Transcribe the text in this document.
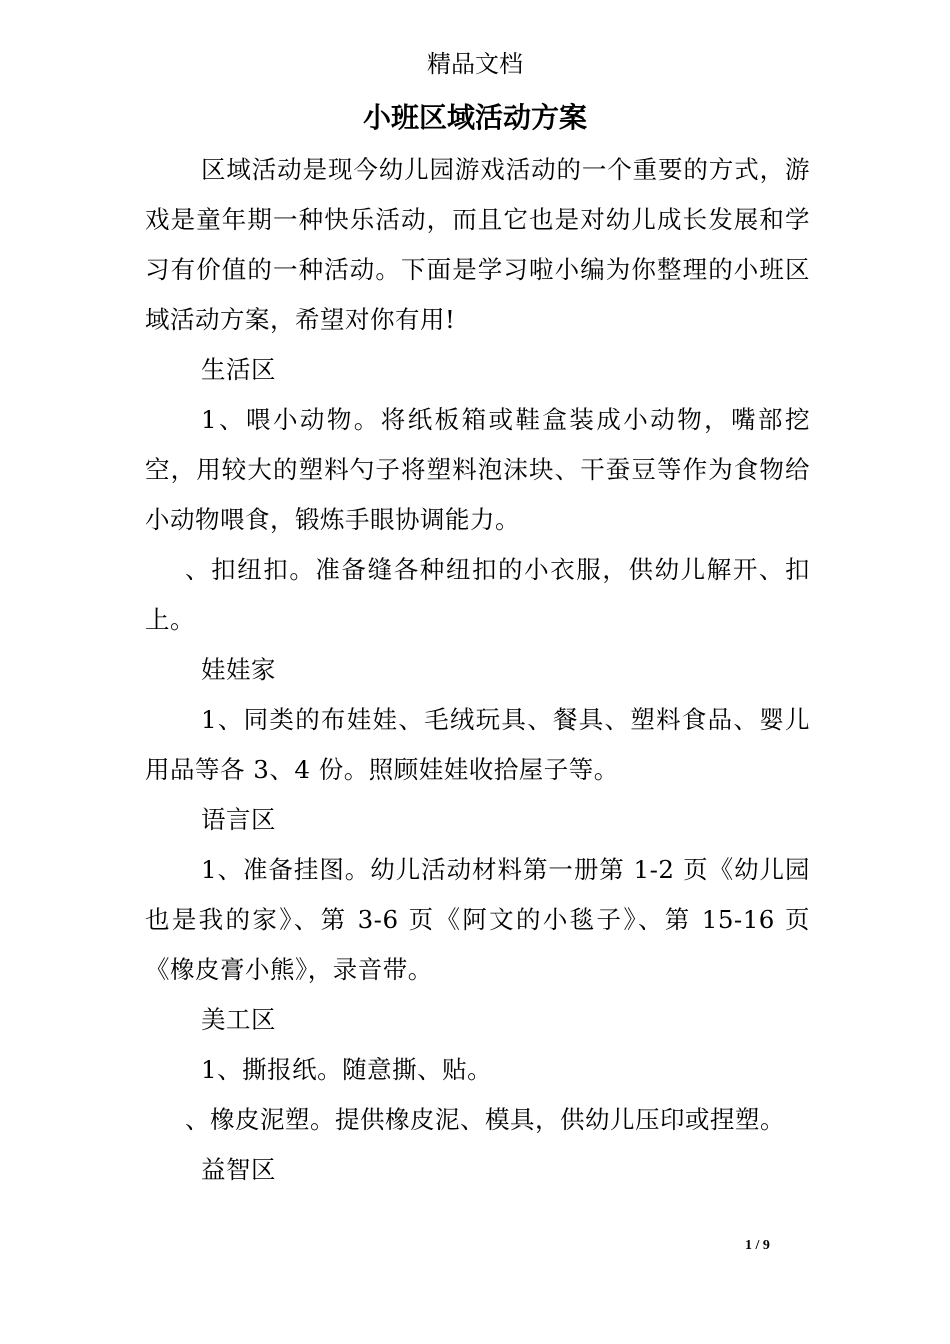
精品文档
小班区域活动方案

区域活动是现今幼儿园游戏活动的一个重要的方式，游戏是童年期一种快乐活动，而且它也是对幼儿成长发展和学习有价值的一种活动。下面是学习啦小编为你整理的小班区域活动方案，希望对你有用!

生活区

1、喂小动物。将纸板箱或鞋盒装成小动物，嘴部挖空，用较大的塑料勺子将塑料泡沫块、干蚕豆等作为食物给小动物喂食，锻炼手眼协调能力。

、扣纽扣。准备缝各种纽扣的小衣服，供幼儿解开、扣上。

娃娃家

1、同类的布娃娃、毛绒玩具、餐具、塑料食品、婴儿用品等各 3、4 份。照顾娃娃收拾屋子等。

语言区

1、准备挂图。幼儿活动材料第一册第 1-2 页《幼儿园也是我的家》、第 3-6 页《阿文的小毯子》、第 15-16 页《橡皮膏小熊》，录音带。

美工区

1、撕报纸。随意撕、贴。

、橡皮泥塑。提供橡皮泥、模具，供幼儿压印或捏塑。

益智区

1 / 9
